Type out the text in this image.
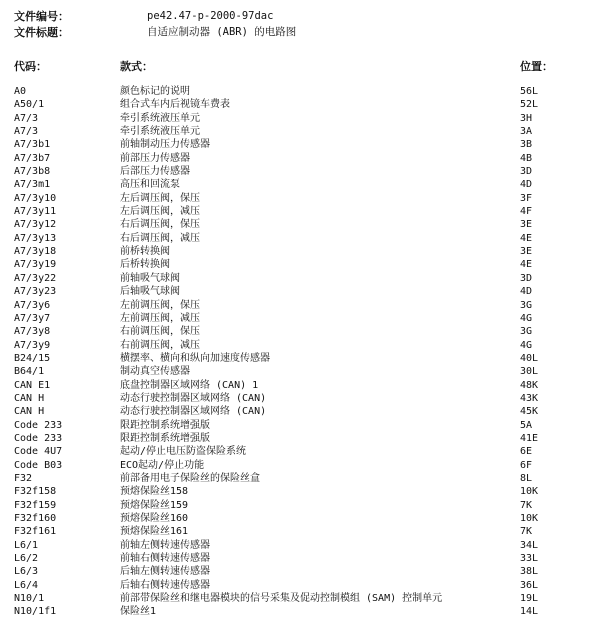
文件编号：	pe42.47-p-2000-97dac
文件标题：	自适应制动器 (ABR) 的电路图
代码：	款式：	位置：
A0	颜色标记的说明	56L
A50/1	组合式车内后视镜车费表	52L
A7/3	牵引系统液压单元	3H
A7/3	牵引系统液压单元	3A
A7/3b1	前轴制动压力传感器	3B
A7/3b7	前部压力传感器	4B
A7/3b8	后部压力传感器	3D
A7/3m1	高压和回流泵	4D
A7/3y10	左后调压阀，保压	3F
A7/3y11	左后调压阀，减压	4F
A7/3y12	右后调压阀，保压	3E
A7/3y13	右后调压阀，减压	4E
A7/3y18	前桥转换阀	3E
A7/3y19	后桥转换阀	4E
A7/3y22	前轴吸气球阀	3D
A7/3y23	后轴吸气球阀	4D
A7/3y6	左前调压阀，保压	3G
A7/3y7	左前调压阀，减压	4G
A7/3y8	右前调压阀，保压	3G
A7/3y9	右前调压阀，减压	4G
B24/15	横摆率、横向和纵向加速度传感器	40L
B64/1	制动真空传感器	30L
CAN E1	底盘控制器区域网络 (CAN) 1	48K
CAN H	动态行驶控制器区域网络 (CAN)	43K
CAN H	动态行驶控制器区域网络 (CAN)	45K
Code 233	限距控制系统增强版	5A
Code 233	限距控制系统增强版	41E
Code 4U7	起动/停止电压防盗保险系统	6E
Code B03	ECO起动/停止功能	6F
F32	前部备用电子保险丝的保险丝盒	8L
F32f158	预熔保险丝158	10K
F32f159	预熔保险丝159	7K
F32f160	预熔保险丝160	10K
F32f161	预熔保险丝161	7K
L6/1	前轴左侧转速传感器	34L
L6/2	前轴右侧转速传感器	33L
L6/3	后轴左侧转速传感器	38L
L6/4	后轴右侧转速传感器	36L
N10/1	前部带保险丝和继电器模块的信号采集及促动控制模组 (SAM) 控制单元	19L
N10/1f1	保险丝1	14L
